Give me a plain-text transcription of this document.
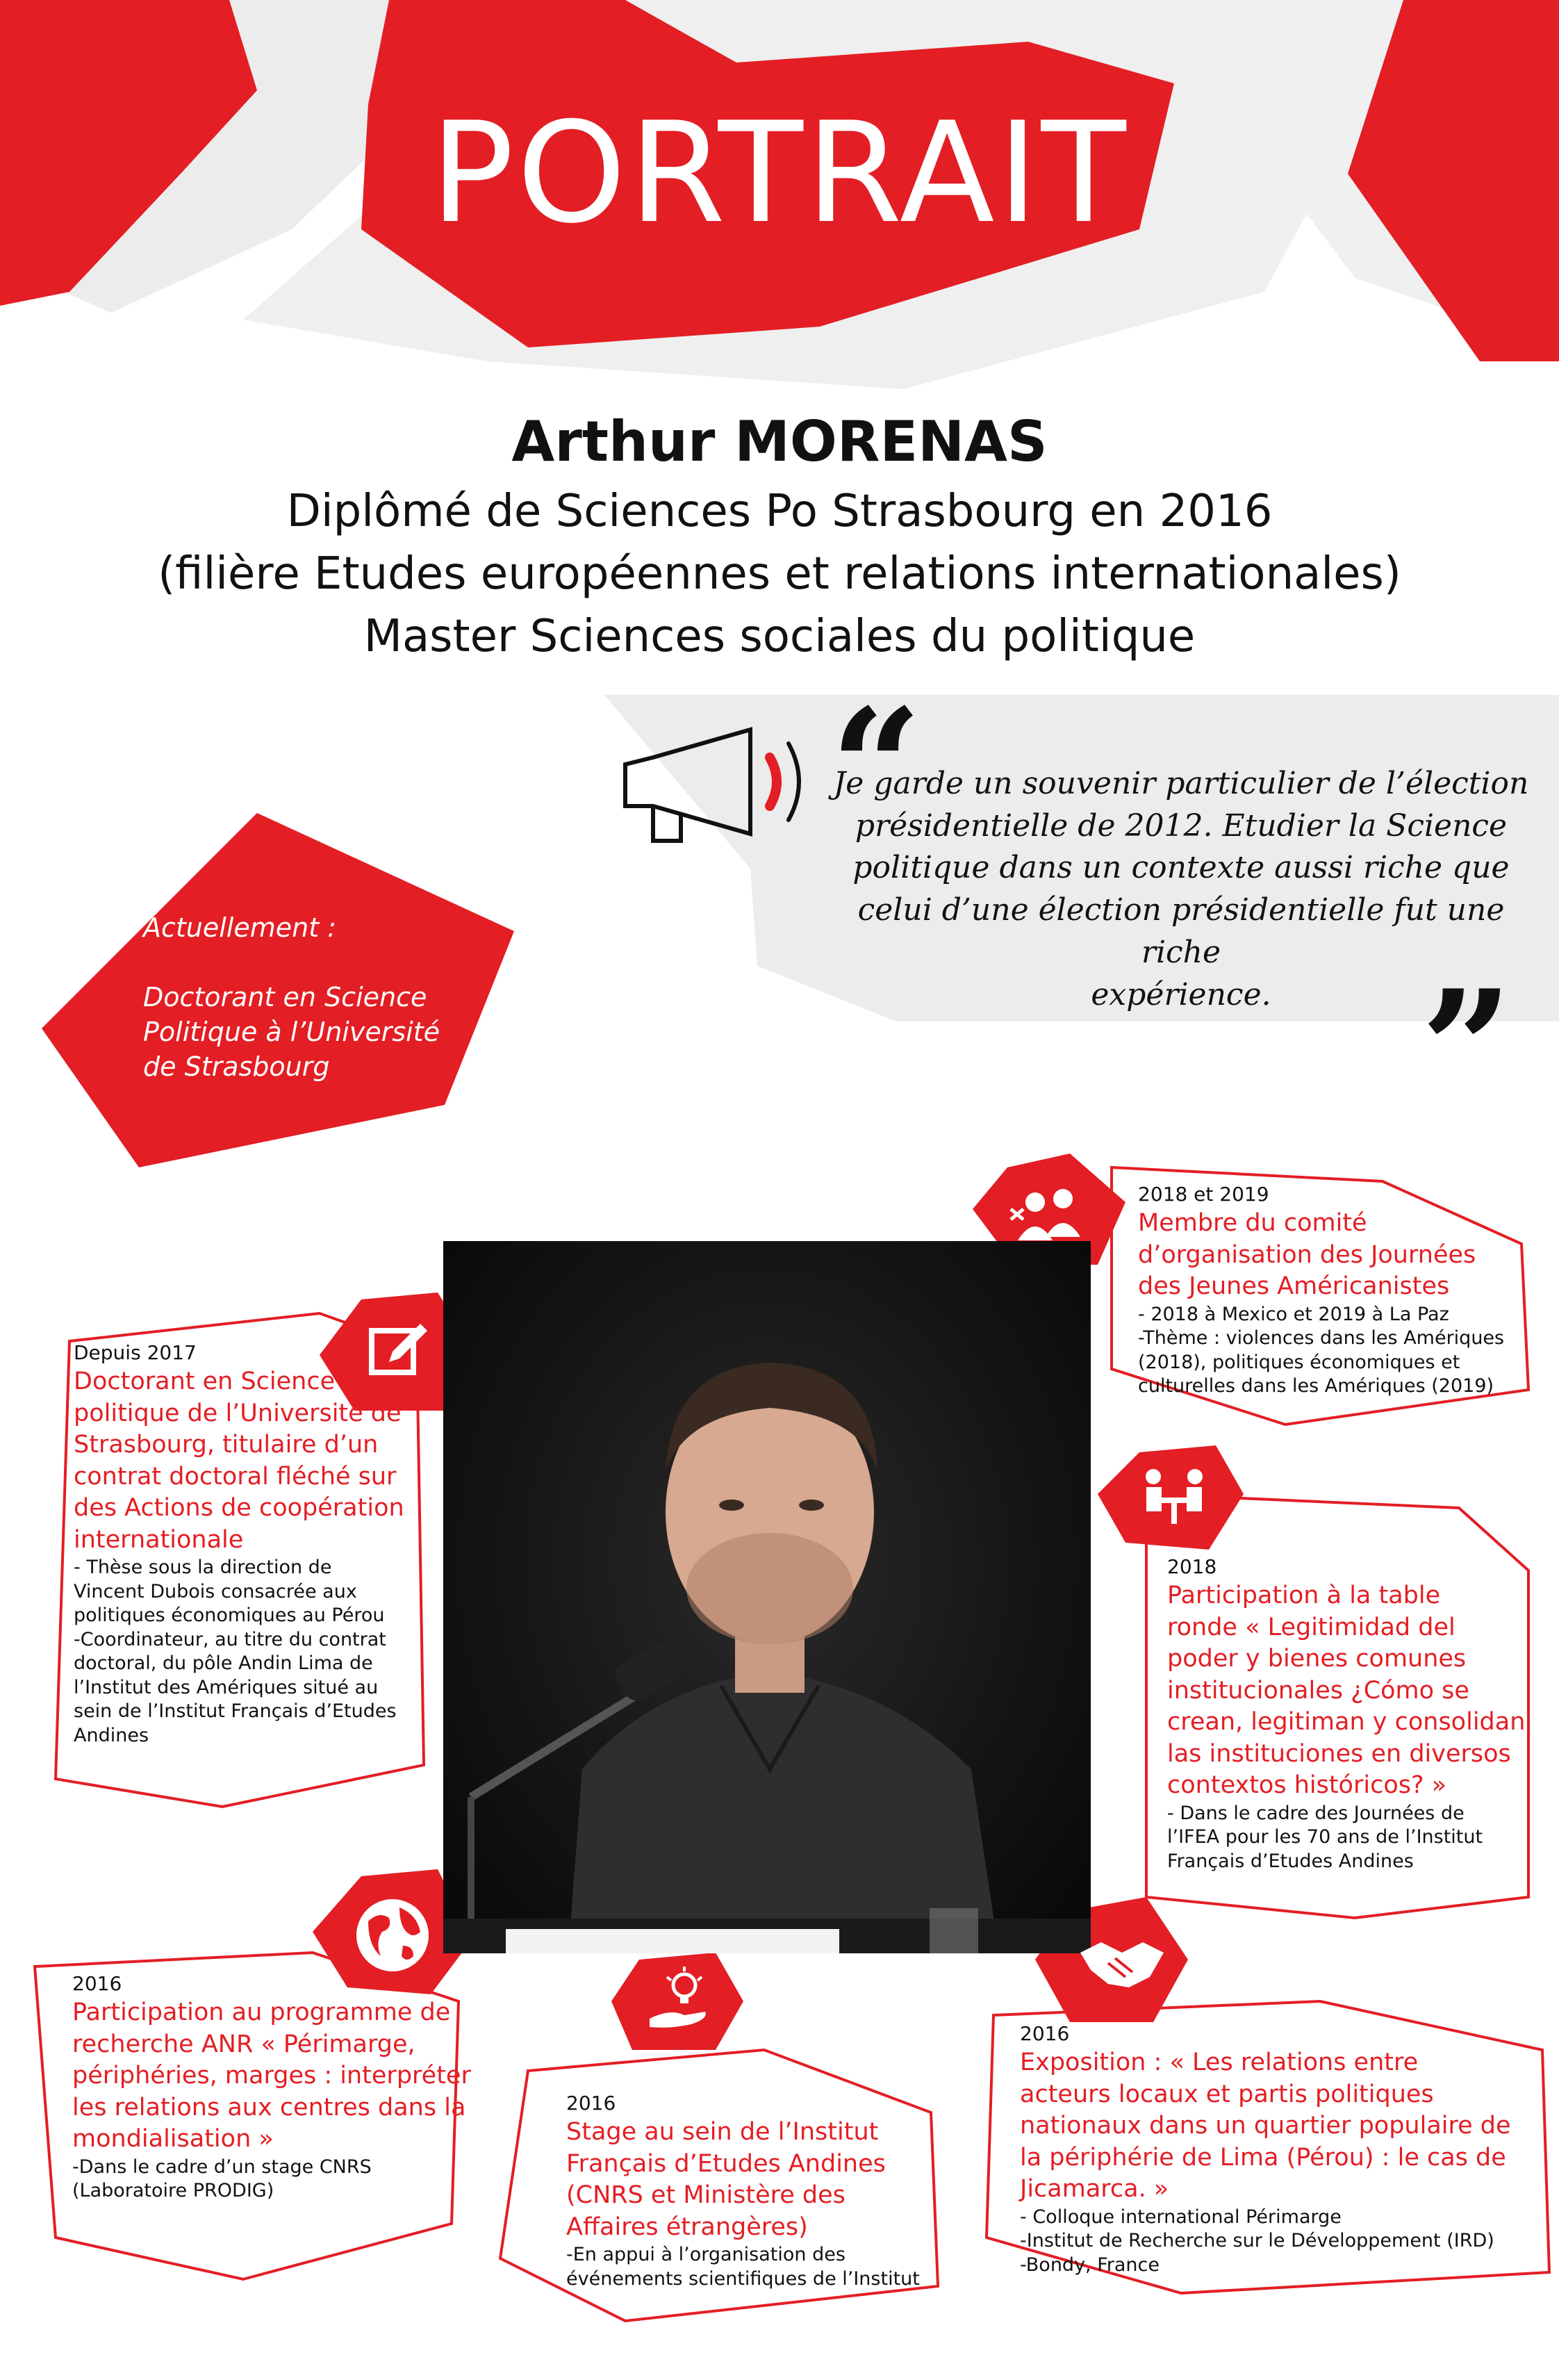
PORTRAIT
Arthur MORENAS
Diplômé de Sciences Po Strasbourg en 2016
(filière Etudes européennes et relations internationales)
Master Sciences sociales du politique
“
”
Je garde un souvenir particulier de l’élection
présidentielle de 2012. Etudier la Science
politique dans un contexte aussi riche que
celui d’une élection présidentielle fut une riche
expérience.
Actuellement :
Doctorant en Science
Politique à l’Université
de Strasbourg
Depuis 2017
Doctorant en Science
politique de l’Université de
Strasbourg, titulaire d’un
contrat doctoral fléché sur
des Actions de coopération
internationale
- Thèse sous la direction de
Vincent Dubois consacrée aux
politiques économiques au Pérou
-Coordinateur, au titre du contrat
doctoral, du pôle Andin Lima de
l’Institut des Amériques situé au
sein de l’Institut Français d’Etudes
Andines
2018 et 2019
Membre du comité
d’organisation des Journées
des Jeunes Américanistes
- 2018 à Mexico et 2019 à La Paz
-Thème : violences dans les Amériques
(2018), politiques économiques et
culturelles dans les Amériques (2019)
2018
Participation à la table
ronde « Legitimidad del
poder y bienes comunes
institucionales ¿Cómo se
crean, legitiman y consolidan
las instituciones en diversos
contextos históricos? »
- Dans le cadre des Journées de
l’IFEA pour les 70 ans de l’Institut
Français d’Etudes Andines
2016
Participation au programme de
recherche ANR « Périmarge,
périphéries, marges : interpréter
les relations aux centres dans la
mondialisation »
-Dans le cadre d’un stage CNRS
(Laboratoire PRODIG)
2016
Stage au sein de l’Institut
Français d’Etudes Andines
(CNRS et Ministère des
Affaires étrangères)
-En appui à l’organisation des
événements scientifiques de l’Institut
2016
Exposition : « Les relations entre
acteurs locaux et partis politiques
nationaux dans un quartier populaire de
la périphérie de Lima (Pérou) : le cas de
Jicamarca. »
- Colloque international Périmarge
-Institut de Recherche sur le Développement (IRD)
-Bondy, France
